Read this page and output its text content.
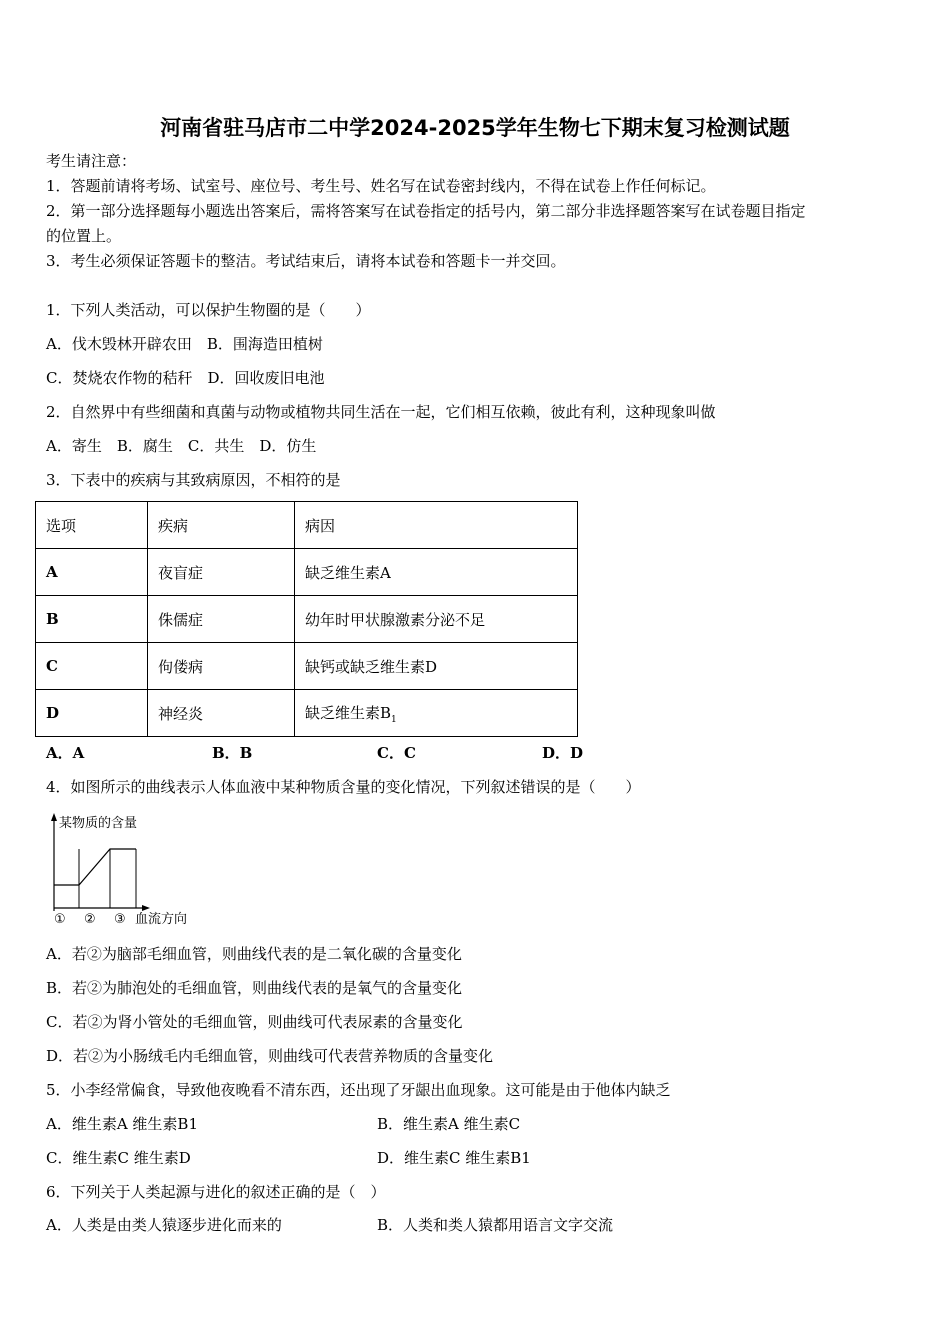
河南省驻马店市二中学2024-2025学年生物七下期末复习检测试题
考生请注意：
1．答题前请将考场、试室号、座位号、考生号、姓名写在试卷密封线内，不得在试卷上作任何标记。
2．第一部分选择题每小题选出答案后，需将答案写在试卷指定的括号内，第二部分非选择题答案写在试卷题目指定
的位置上。
3．考生必须保证答题卡的整洁。考试结束后，请将本试卷和答题卡一并交回。
1．下列人类活动，可以保护生物圈的是（　　）
A．伐木毁林开辟农田　B．围海造田植树
C．焚烧农作物的秸秆　D．回收废旧电池
2．自然界中有些细菌和真菌与动物或植物共同生活在一起，它们相互依赖，彼此有利，这种现象叫做
A．寄生　B．腐生　C．共生　D．仿生
3．下表中的疾病与其致病原因，不相符的是
选项	疾病	病因
A	夜盲症	缺乏维生素A
B	侏儒症	幼年时甲状腺激素分泌不足
C	佝偻病	缺钙或缺乏维生素D
D	神经炎	缺乏维生素$B_1$
A．A	B．B	C．C	D．D
4．如图所示的曲线表示人体血液中某种物质含量的变化情况，下列叙述错误的是（　　）
某物质的含量
① ② ③ 血流方向
A．若②为脑部毛细血管，则曲线代表的是二氧化碳的含量变化
B．若②为肺泡处的毛细血管，则曲线代表的是氧气的含量变化
C．若②为肾小管处的毛细血管，则曲线可代表尿素的含量变化
D．若②为小肠绒毛内毛细血管，则曲线可代表营养物质的含量变化
5．小李经常偏食，导致他夜晚看不清东西，还出现了牙龈出血现象。这可能是由于他体内缺乏
A．维生素A 维生素B1	B．维生素A 维生素C
C．维生素C 维生素D	D．维生素C 维生素B1
6．下列关于人类起源与进化的叙述正确的是（　）
A．人类是由类人猿逐步进化而来的	B．人类和类人猿都用语言文字交流
